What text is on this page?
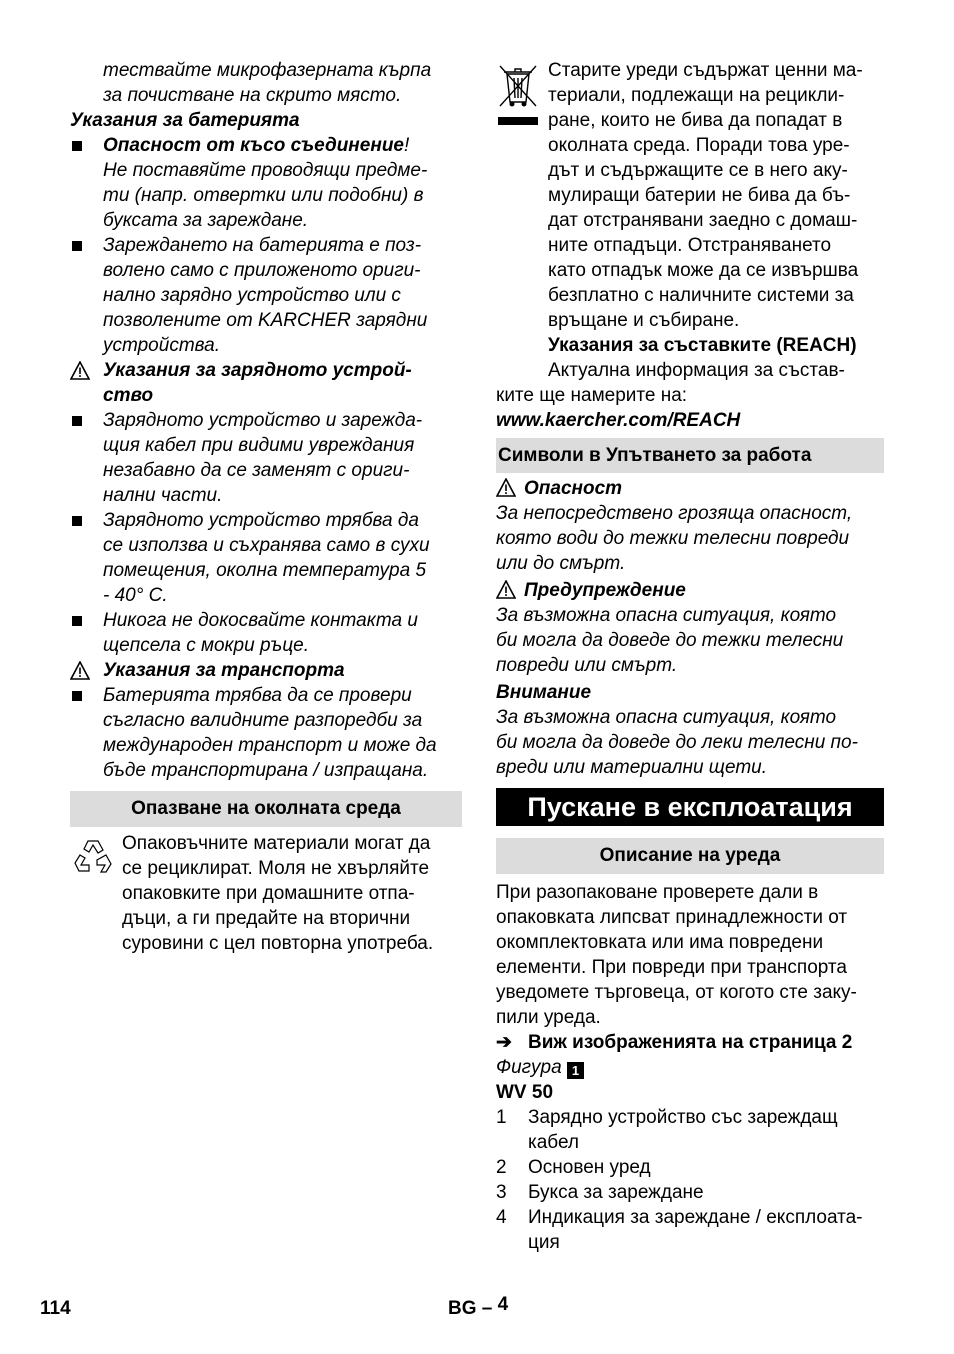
тествайте микрофазерната кърпа
за почистване на скрито място.
Указания за батерията
Опасност от късо съединение!
Не поставяйте проводящи предме-
ти (напр. отвертки или подобни) в
буксата за зареждане.
Зареждането на батерията е поз-
волено само с приложеното ориги-
нално зарядно устройство или с
позволените от KARCHER зарядни
устройства.
Указания за зарядното устрой-
ство
Зарядното устройство и зарежда-
щия кабел при видими увреждания
незабавно да се заменят с ориги-
нални части.
Зарядното устройство трябва да
се използва и съхранява само в сухи
помещения, околна температура 5
- 40° C.
Никога не докосвайте контакта и
щепсела с мокри ръце.
Указания за транспорта
Батерията трябва да се провери
съгласно валидните разпоредби за
международен транспорт и може да
бъде транспортирана / изпращана.
Опазване на околната среда
Опаковъчните материали могат да
се рециклират. Моля не хвърляйте
опаковките при домашните отпа-
дъци, а ги предайте на вторични
суровини с цел повторна употреба.
Старите уреди съдържат ценни ма-
териали, подлежащи на рецикли-
ране, които не бива да попадат в
околната среда. Поради това уре-
дът и съдържащите се в него аку-
мулиращи батерии не бива да бъ-
дат отстранявани заедно с домаш-
ните отпадъци. Отстраняването
като отпадък може да се извършва
безплатно с наличните системи за
връщане и събиране.
Указания за съставките (REACH)
Актуална информация за състав-
ките ще намерите на:
www.kaercher.com/REACH
Символи в Упътването за работа
Опасност
За непосредствено грозяща опасност,
която води до тежки телесни повреди
или до смърт.
Предупреждение
За възможна опасна ситуация, която
би могла да доведе до тежки телесни
повреди или смърт.
Внимание
За възможна опасна ситуация, която
би могла да доведе до леки телесни по-
вреди или материални щети.
Пускане в експлоатация
Описание на уреда
При разопаковане проверете дали в
опаковката липсват принадлежности от
окомплектовката или има повредени
елементи. При повреди при транспорта
уведомете търговеца, от когото сте заку-
пили уреда.
➔ Виж изображенията на страница 2
Фигура 1
WV 50
1 Зарядно устройство със зареждащ
кабел
2 Основен уред
3 Букса за зареждане
4 Индикация за зареждане / експлоата-
ция
114	BG – 4
